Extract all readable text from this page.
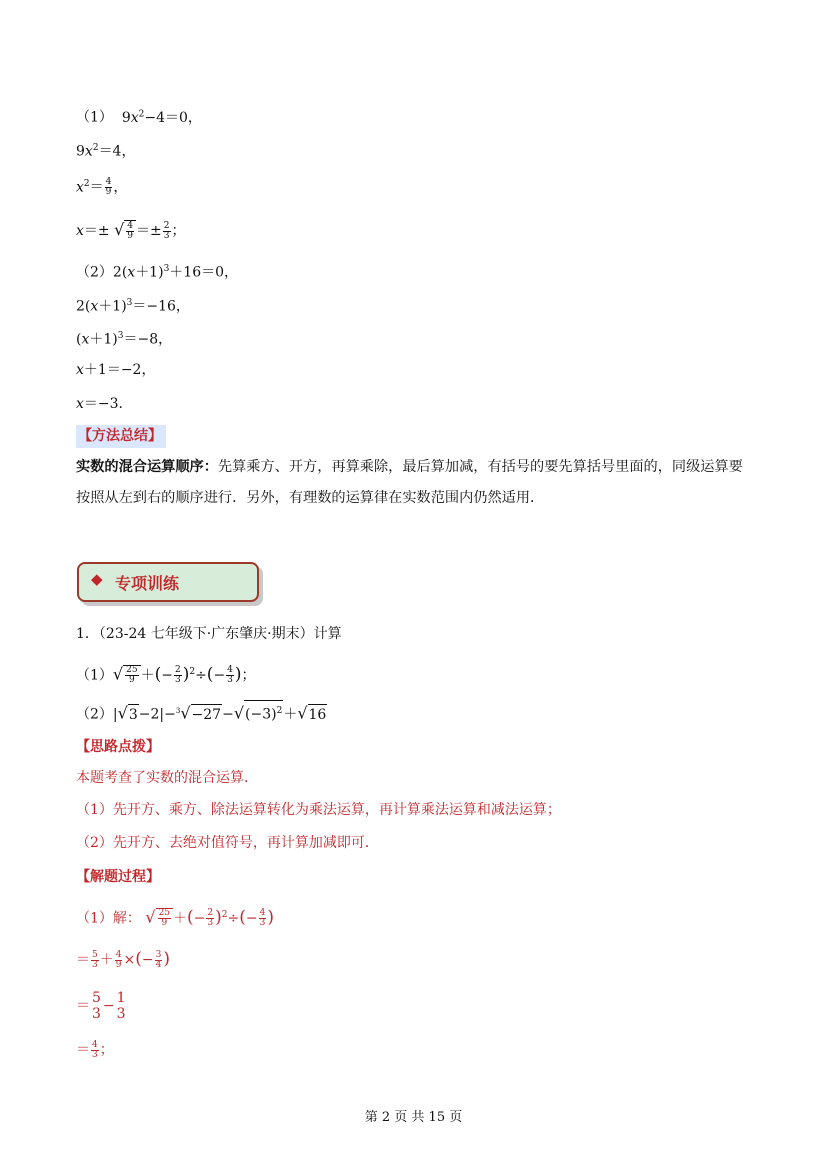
（1）  $9x^2-4=0$，
$9x^2=4$，
$x^2= \frac{4}{9}$ ，
x＝± √ $\frac{4}{9} =\pm \frac{2}{3}$ ；
$(2)2(x+1)^3+16=0$，
$2(x+1)^3=-16$，
$(x+1)^3=-8$，
x＋1＝−2，
x＝−3．
【方法总结】
实数的混合运算顺序：先算乘方、开方，再算乘除，最后算加减，有括号的要先算括号里面的，同级运算要按照从左到右的顺序进行．另外，有理数的运算律在实数范围内仍然适用．
◆ 专项训练
1．（23-24 七年级下·广东肇庆·期末）计算
$(1)√ \frac{25}{9}$ ＋(− $\frac{2}{3} )^2\div(- \frac{4}{3}$ )；
$(2)|√3-2|-^3√-27-√(-3)^2+√16$
【思路点拨】
本题考查了实数的混合运算．
（1）先开方、乘方、除法运算转化为乘法运算，再计算乘法运算和减法运算；
（2）先开方、去绝对值符号，再计算加减即可．
【解题过程】
（1）解： √ $\frac{25}{9}$ ＋(− $\frac{2}{3} )^2\div(- \frac{4}{3}$ )
＝ $\frac{5}{3} + \frac{4}{9}$ ×(− $\frac{3}{4}$ )
＝ 5
3 − 1
3
＝ $\frac{4}{3}$ ；
第 2 页 共 15 页
